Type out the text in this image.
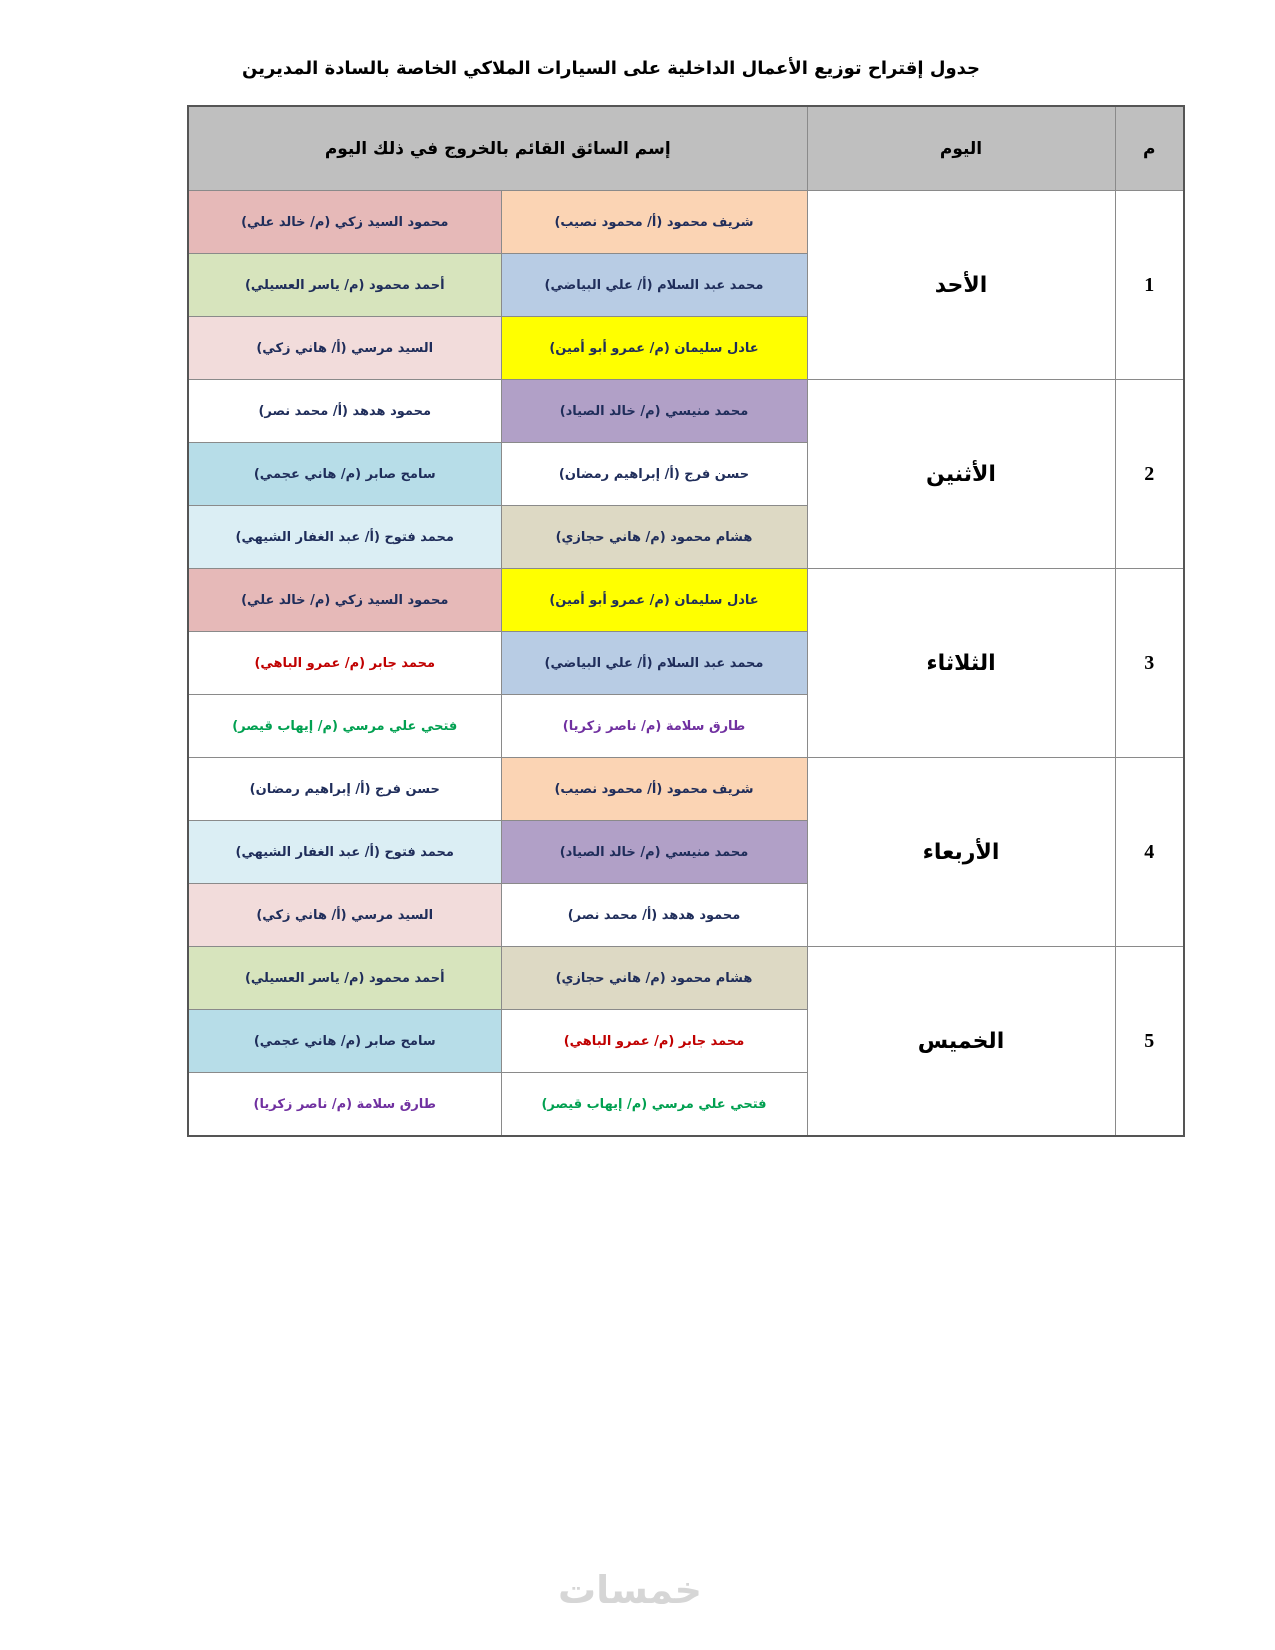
جدول إقتراح توزيع الأعمال الداخلية على السيارات الملاكي الخاصة بالسادة المديرين
م	اليوم	إسم السائق القائم بالخروج في ذلك اليوم	
1	الأحد	شريف محمود (أ/ محمود نصيب)	محمود السيد زكي (م/ خالد علي)
		محمد عبد السلام (أ/ علي البياضي)	أحمد محمود (م/ ياسر العسيلي)
		عادل سليمان (م/ عمرو أبو أمين)	السيد مرسي (أ/ هاني زكي)
2	الأثنين	محمد منيسي (م/ خالد الصياد)	محمود هدهد (أ/ محمد نصر)
		حسن فرج (أ/ إبراهيم رمضان)	سامح صابر (م/ هاني عجمي)
		هشام محمود (م/ هاني حجازي)	محمد فتوح (أ/ عبد الغفار الشيهي)
3	الثلاثاء	عادل سليمان (م/ عمرو أبو أمين)	محمود السيد زكي (م/ خالد علي)
		محمد عبد السلام (أ/ علي البياضي)	محمد جابر (م/ عمرو الباهي)
		طارق سلامة (م/ ناصر زكريا)	فتحي علي مرسي (م/ إيهاب قيصر)
4	الأربعاء	شريف محمود (أ/ محمود نصيب)	حسن فرج (أ/ إبراهيم رمضان)
		محمد منيسي (م/ خالد الصياد)	محمد فتوح (أ/ عبد الغفار الشيهي)
		محمود هدهد (أ/ محمد نصر)	السيد مرسي (أ/ هاني زكي)
5	الخميس	هشام محمود (م/ هاني حجازي)	أحمد محمود (م/ ياسر العسيلي)
		محمد جابر (م/ عمرو الباهي)	سامح صابر (م/ هاني عجمي)
		فتحي علي مرسي (م/ إيهاب قيصر)	طارق سلامة (م/ ناصر زكريا)
خمسات
